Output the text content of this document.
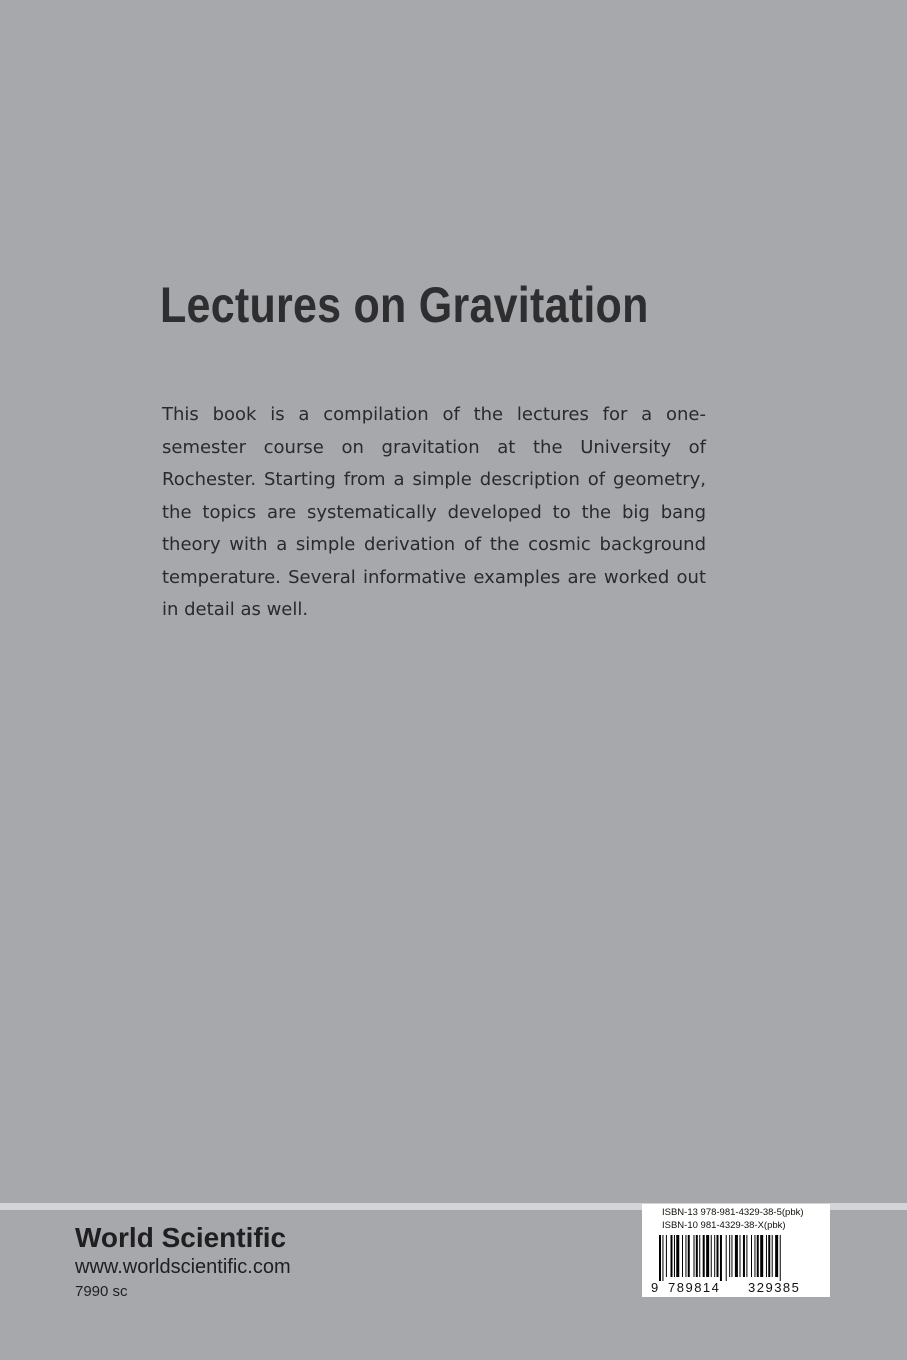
Lectures on Gravitation

This book is a compilation of the lectures for a one-semester course on gravitation at the University of Rochester. Starting from a simple description of geometry, the topics are systematically developed to the big bang theory with a simple derivation of the cosmic background temperature. Several informative examples are worked out in detail as well.

World Scientific
www.worldscientific.com
7990 sc
ISBN-13 978-981-4329-38-5(pbk)
ISBN-10 981-4329-38-X(pbk)
9 789814 329385
